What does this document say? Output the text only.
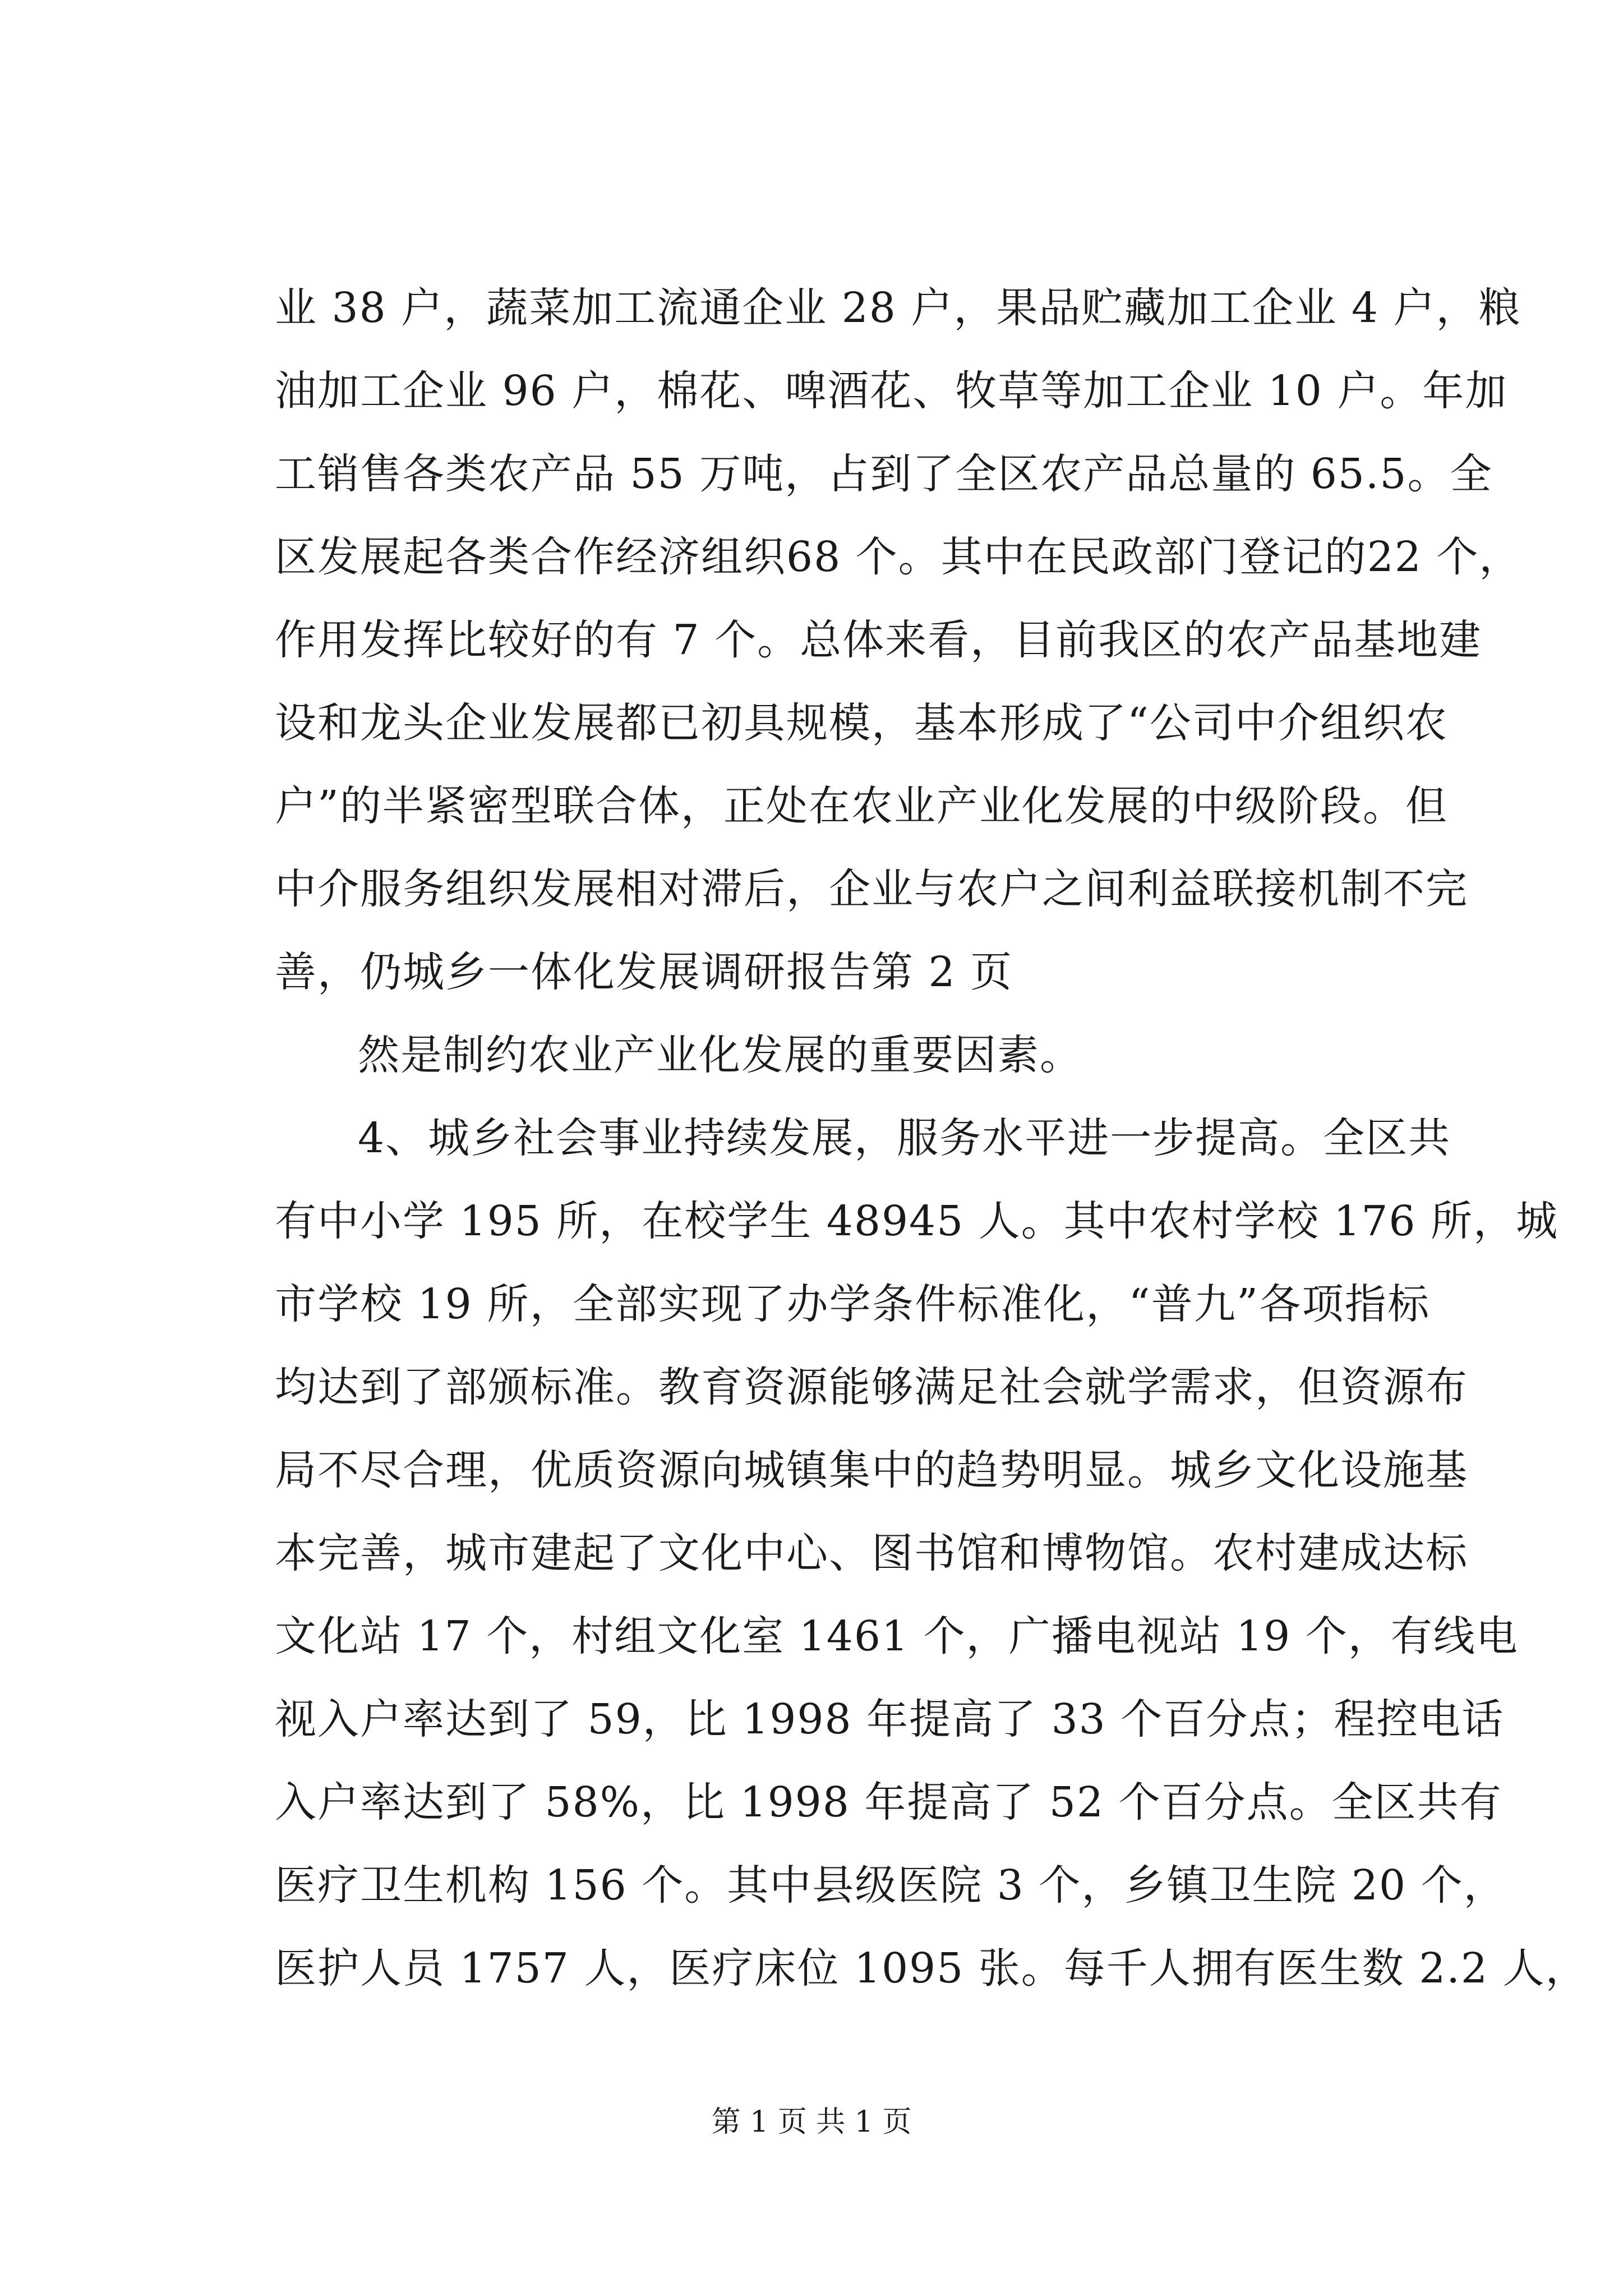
业 38 户，蔬菜加工流通企业 28 户，果品贮藏加工企业 4 户，粮
油加工企业 96 户，棉花、啤酒花、牧草等加工企业 10 户。年加
工销售各类农产品 55 万吨，占到了全区农产品总量的 65.5。全
区发展起各类合作经济组织68 个。其中在民政部门登记的22 个，
作用发挥比较好的有 7 个。总体来看，目前我区的农产品基地建
设和龙头企业发展都已初具规模，基本形成了“公司中介组织农
户”的半紧密型联合体，正处在农业产业化发展的中级阶段。但
中介服务组织发展相对滞后，企业与农户之间利益联接机制不完
善，仍城乡一体化发展调研报告第 2 页
然是制约农业产业化发展的重要因素。
4、城乡社会事业持续发展，服务水平进一步提高。全区共
有中小学 195 所，在校学生 48945 人。其中农村学校 176 所，城
市学校 19 所，全部实现了办学条件标准化，“普九”各项指标
均达到了部颁标准。教育资源能够满足社会就学需求，但资源布
局不尽合理，优质资源向城镇集中的趋势明显。城乡文化设施基
本完善，城市建起了文化中心、图书馆和博物馆。农村建成达标
文化站 17 个，村组文化室 1461 个，广播电视站 19 个，有线电
视入户率达到了 59，比 1998 年提高了 33 个百分点；程控电话
入户率达到了 58%，比 1998 年提高了 52 个百分点。全区共有
医疗卫生机构 156 个。其中县级医院 3 个，乡镇卫生院 20 个，
医护人员 1757 人，医疗床位 1095 张。每千人拥有医生数 2.2 人，
第 1 页 共 1 页
